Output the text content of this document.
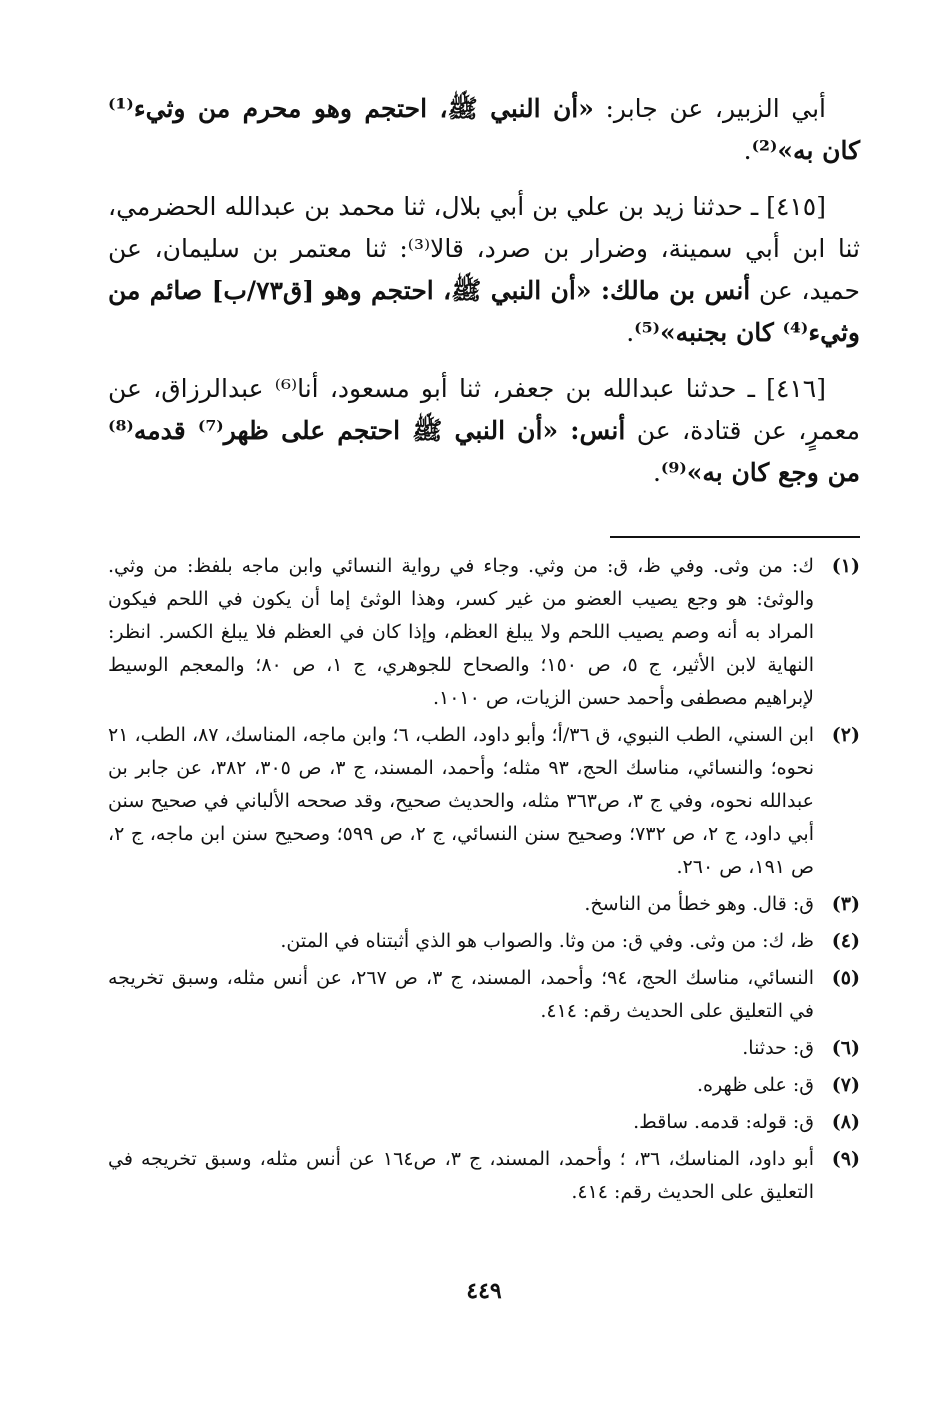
أبي الزبير، عن جابر: «أن النبي ﷺ، احتجم وهو محرم من وثيء⁽¹⁾ كان به»⁽²⁾.

[٤١٥] ـ حدثنا زيد بن علي بن أبي بلال، ثنا محمد بن عبدالله الحضرمي، ثنا ابن أبي سمينة، وضرار بن صرد، قالا⁽³⁾: ثنا معتمر بن سليمان، عن حميد، عن أنس بن مالك: «أن النبي ﷺ، احتجم وهو [ق٧٣/ب] صائم من وثيء⁽⁴⁾ كان بجنبه»⁽⁵⁾.

[٤١٦] ـ حدثنا عبدالله بن جعفر، ثنا أبو مسعود، أنا⁽⁶⁾ عبدالرزاق، عن معمرٍ، عن قتادة، عن أنس: «أن النبي ﷺ احتجم على ظهر⁽⁷⁾ قدمه⁽⁸⁾ من وجع كان به»⁽⁹⁾.

(١)
ك: من وثى. وفي ظ، ق: من وثي. وجاء في رواية النسائي وابن ماجه بلفظ: من وثي. والوثئ: هو وجع يصيب العضو من غير كسر، وهذا الوثئ إما أن يكون في اللحم فيكون المراد به أنه وصم يصيب اللحم ولا يبلغ العظم، وإذا كان في العظم فلا يبلغ الكسر. انظر: النهاية لابن الأثير، ج ٥، ص ١٥٠؛ والصحاح للجوهري، ج ١، ص ٨٠؛ والمعجم الوسيط لإبراهيم مصطفى وأحمد حسن الزيات، ص ١٠١٠.
(٢)
ابن السني، الطب النبوي، ق ٣٦/أ؛ وأبو داود، الطب، ٦؛ وابن ماجه، المناسك، ٨٧، الطب، ٢١ نحوه؛ والنسائي، مناسك الحج، ٩٣ مثله؛ وأحمد، المسند، ج ٣، ص ٣٠٥، ٣٨٢، عن جابر بن عبدالله نحوه، وفي ج ٣، ص٣٦٣ مثله، والحديث صحيح، وقد صححه الألباني في صحيح سنن أبي داود، ج ٢، ص ٧٣٢؛ وصحيح سنن النسائي، ج ٢، ص ٥٩٩؛ وصحيح سنن ابن ماجه، ج ٢، ص ١٩١، ص ٢٦٠.
(٣)
ق: قال. وهو خطأ من الناسخ.
(٤)
ظ، ك: من وثى. وفي ق: من وثا. والصواب هو الذي أثبتناه في المتن.
(٥)
النسائي، مناسك الحج، ٩٤؛ وأحمد، المسند، ج ٣، ص ٢٦٧، عن أنس مثله، وسبق تخريجه في التعليق على الحديث رقم: ٤١٤.
(٦)
ق: حدثنا.
(٧)
ق: على ظهره.
(٨)
ق: قوله: قدمه. ساقط.
(٩)
أبو داود، المناسك، ٣٦، ؛ وأحمد، المسند، ج ٣، ص١٦٤ عن أنس مثله، وسبق تخريجه في التعليق على الحديث رقم: ٤١٤.
٤٤٩
